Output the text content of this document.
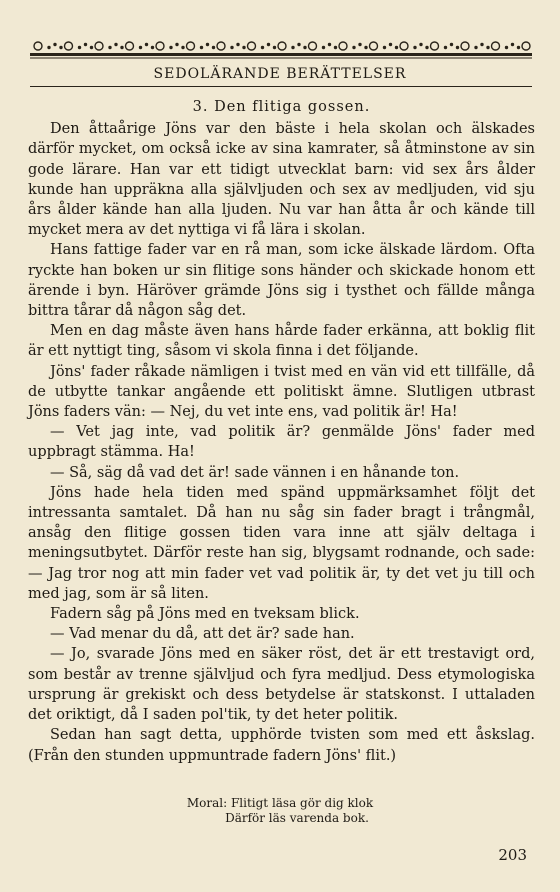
SEDOLÄRANDE BERÄTTELSER

3. Den flitiga gossen.

Den åttaårige Jöns var den bäste i hela skolan och älskades därför mycket, om också icke av sina kamrater, så åtminstone av sin gode lärare. Han var ett tidigt utvecklat barn: vid sex års ålder kunde han uppräkna alla självljuden och sex av medljuden, vid sju års ålder kände han alla ljuden. Nu var han åtta år och kände till mycket mera av det nyttiga vi få lära i skolan.

Hans fattige fader var en rå man, som icke älskade lärdom. Ofta ryckte han boken ur sin flitige sons händer och skickade honom ett ärende i byn. Häröver grämde Jöns sig i tysthet och fällde många bittra tårar då någon såg det.

Men en dag måste även hans hårde fader erkänna, att boklig flit är ett nyttigt ting, såsom vi skola finna i det följande.

Jöns' fader råkade nämligen i tvist med en vän vid ett tillfälle, då de utbytte tankar angående ett politiskt ämne. Slutligen utbrast Jöns faders vän: — Nej, du vet inte ens, vad politik är! Ha!

— Vet jag inte, vad politik är? genmälde Jöns' fader med uppbragt stämma. Ha!

— Så, säg då vad det är! sade vännen i en hånande ton.

Jöns hade hela tiden med spänd uppmärksamhet följt det intressanta samtalet. Då han nu såg sin fader bragt i trångmål, ansåg den flitige gossen tiden vara inne att själv deltaga i meningsutbytet. Därför reste han sig, blygsamt rodnande, och sade: — Jag tror nog att min fader vet vad politik är, ty det vet ju till och med jag, som är så liten.

Fadern såg på Jöns med en tveksam blick.

— Vad menar du då, att det är? sade han.

— Jo, svarade Jöns med en säker röst, det är ett trestavigt ord, som består av trenne självljud och fyra medljud. Dess etymologiska ursprung är grekiskt och dess betydelse är statskonst. I uttaladen det oriktigt, då I saden pol'tik, ty det heter politik.

Sedan han sagt detta, upphörde tvisten som med ett åskslag. (Från den stunden uppmuntrade fadern Jöns' flit.)

Moral: Flitigt läsa gör dig klok
Därför läs varenda bok.
203
